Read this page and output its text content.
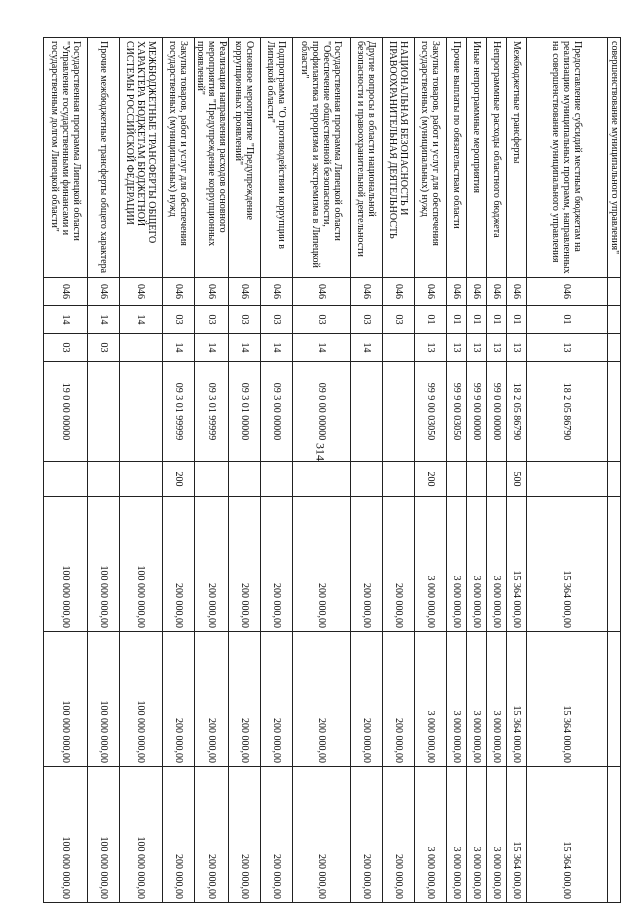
314
совершенствование муниципального управления"								
Предоставление субсидий местным бюджетам на реализацию муниципальных программ, направленных на совершенствование муниципального управления	046	01	13	18 2 05 86790		15 364 000,00	15 364 000,00	15 364 000,00
Межбюджетные трансферты	046	01	13	18 2 05 86790	500	15 364 000,00	15 364 000,00	15 364 000,00
Непрограммные расходы областного бюджета	046	01	13	99 0 00 00000		3 000 000,00	3 000 000,00	3 000 000,00
Иные непрограммные мероприятия	046	01	13	99 9 00 00000		3 000 000,00	3 000 000,00	3 000 000,00
Прочие выплаты по обязательствам области	046	01	13	99 9 00 03050		3 000 000,00	3 000 000,00	3 000 000,00
Закупка товаров, работ и услуг для обеспечения государственных (муниципальных) нужд	046	01	13	99 9 00 03050	200	3 000 000,00	3 000 000,00	3 000 000,00
НАЦИОНАЛЬНАЯ БЕЗОПАСНОСТЬ И ПРАВООХРАНИТЕЛЬНАЯ ДЕЯТЕЛЬНОСТЬ	046	03				200 000,00	200 000,00	200 000,00
Другие вопросы в области национальной безопасности и правоохранительной деятельности	046	03	14			200 000,00	200 000,00	200 000,00
Государственная программа Липецкой области "Обеспечение общественной безопасности, профилактика терроризма и экстремизма в Липецкой области"	046	03	14	09 0 00 00000		200 000,00	200 000,00	200 000,00
Подпрограмма "О противодействии коррупции в Липецкой области"	046	03	14	09 3 00 00000		200 000,00	200 000,00	200 000,00
Основное мероприятие "Предупреждение коррупционных проявлений"	046	03	14	09 3 01 00000		200 000,00	200 000,00	200 000,00
Реализация направления расходов основного мероприятия "Предупреждение коррупционных проявлений"	046	03	14	09 3 01 99999		200 000,00	200 000,00	200 000,00
Закупка товаров, работ и услуг для обеспечения государственных (муниципальных) нужд	046	03	14	09 3 01 99999	200	200 000,00	200 000,00	200 000,00
МЕЖБЮДЖЕТНЫЕ ТРАНСФЕРТЫ ОБЩЕГО ХАРАКТЕРА БЮДЖЕТАМ БЮДЖЕТНОЙ СИСТЕМЫ РОССИЙСКОЙ ФЕДЕРАЦИИ	046	14				100 000 000,00	100 000 000,00	100 000 000,00
Прочие межбюджетные трансферты общего характера	046	14	03			100 000 000,00	100 000 000,00	100 000 000,00
Государственная программа Липецкой области "Управление государственными финансами и государственным долгом Липецкой области"	046	14	03	19 0 00 00000		100 000 000,00	100 000 000,00	100 000 000,00
